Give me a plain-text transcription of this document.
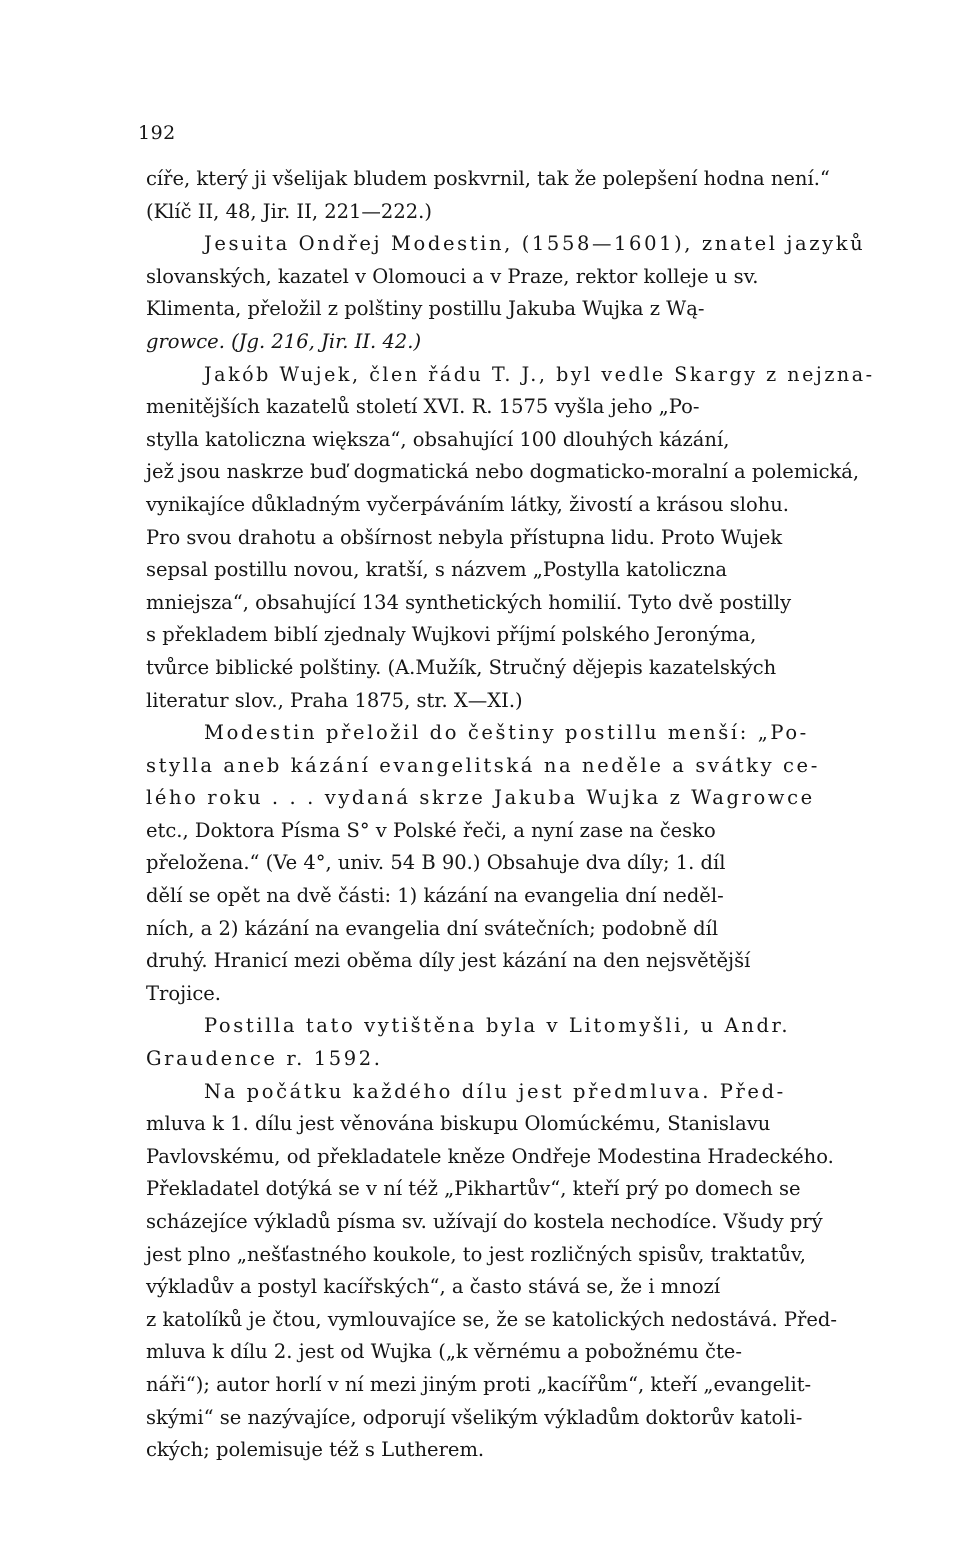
192
cíře, který ji všelijak bludem poskvrnil, tak že polepšení hodna není.“
(Klíč II, 48, Jir. II, 221—222.)
Jesuita Ondřej Modestin, (1558—1601), znatel jazyků
slovanských, kazatel v Olomouci a v Praze, rektor kolleje u sv.
Klimenta, přeložil z polštiny postillu Jakuba Wujka z Wą-
growce. (Jg. 216, Jir. II. 42.)
Jakób Wujek, člen řádu T. J., byl vedle Skargy z nejzna-
menitějších kazatelů století XVI. R. 1575 vyšla jeho „Po-
stylla katoliczna większa“, obsahující 100 dlouhých kázání,
jež jsou naskrze buď dogmatická nebo dogmaticko-moralní a polemická,
vynikajíce důkladným vyčerpáváním látky, živostí a krásou slohu.
Pro svou drahotu a obšírnost nebyla přístupna lidu. Proto Wujek
sepsal postillu novou, kratší, s názvem „Postylla katoliczna
mniejsza“, obsahující 134 synthetických homilií. Tyto dvě postilly
s překladem biblí zjednaly Wujkovi příjmí polského Jeronýma,
tvůrce biblické polštiny. (A.Mužík, Stručný dějepis kazatelských
literatur slov., Praha 1875, str. X—XI.)
Modestin přeložil do češtiny postillu menší: „Po-
stylla aneb kázání evangelitská na neděle a svátky ce-
lého roku . . . vydaná skrze Jakuba Wujka z Wagrowce
etc., Doktora Písma S° v Polské řeči, a nyní zase na česko
přeložena.“ (Ve 4°, univ. 54 B 90.) Obsahuje dva díly; 1. díl
dělí se opět na dvě části: 1) kázání na evangelia dní neděl-
ních, a 2) kázání na evangelia dní svátečních; podobně díl
druhý. Hranicí mezi oběma díly jest kázání na den nejsvětější
Trojice.
Postilla tato vytištěna byla v Litomyšli, u Andr.
Graudence r. 1592.
Na počátku každého dílu jest předmluva. Před-
mluva k 1. dílu jest věnována biskupu Olomúckému, Stanislavu
Pavlovskému, od překladatele kněze Ondřeje Modestina Hradeckého.
Překladatel dotýká se v ní též „Pikhartův“, kteří prý po domech se
scházejíce výkladů písma sv. užívají do kostela nechodíce. Všudy prý
jest plno „nešťastného koukole, to jest rozličných spisův, traktatův,
výkladův a postyl kacířských“, a často stává se, že i mnozí
z katolíků je čtou, vymlouvajíce se, že se katolických nedostává. Před-
mluva k dílu 2. jest od Wujka („k věrnému a pobožnému čte-
náři“); autor horlí v ní mezi jiným proti „kacířům“, kteří „evangelit-
skými“ se nazývajíce, odporují všelikým výkladům doktorův katoli-
ckých; polemisuje též s Lutherem.
